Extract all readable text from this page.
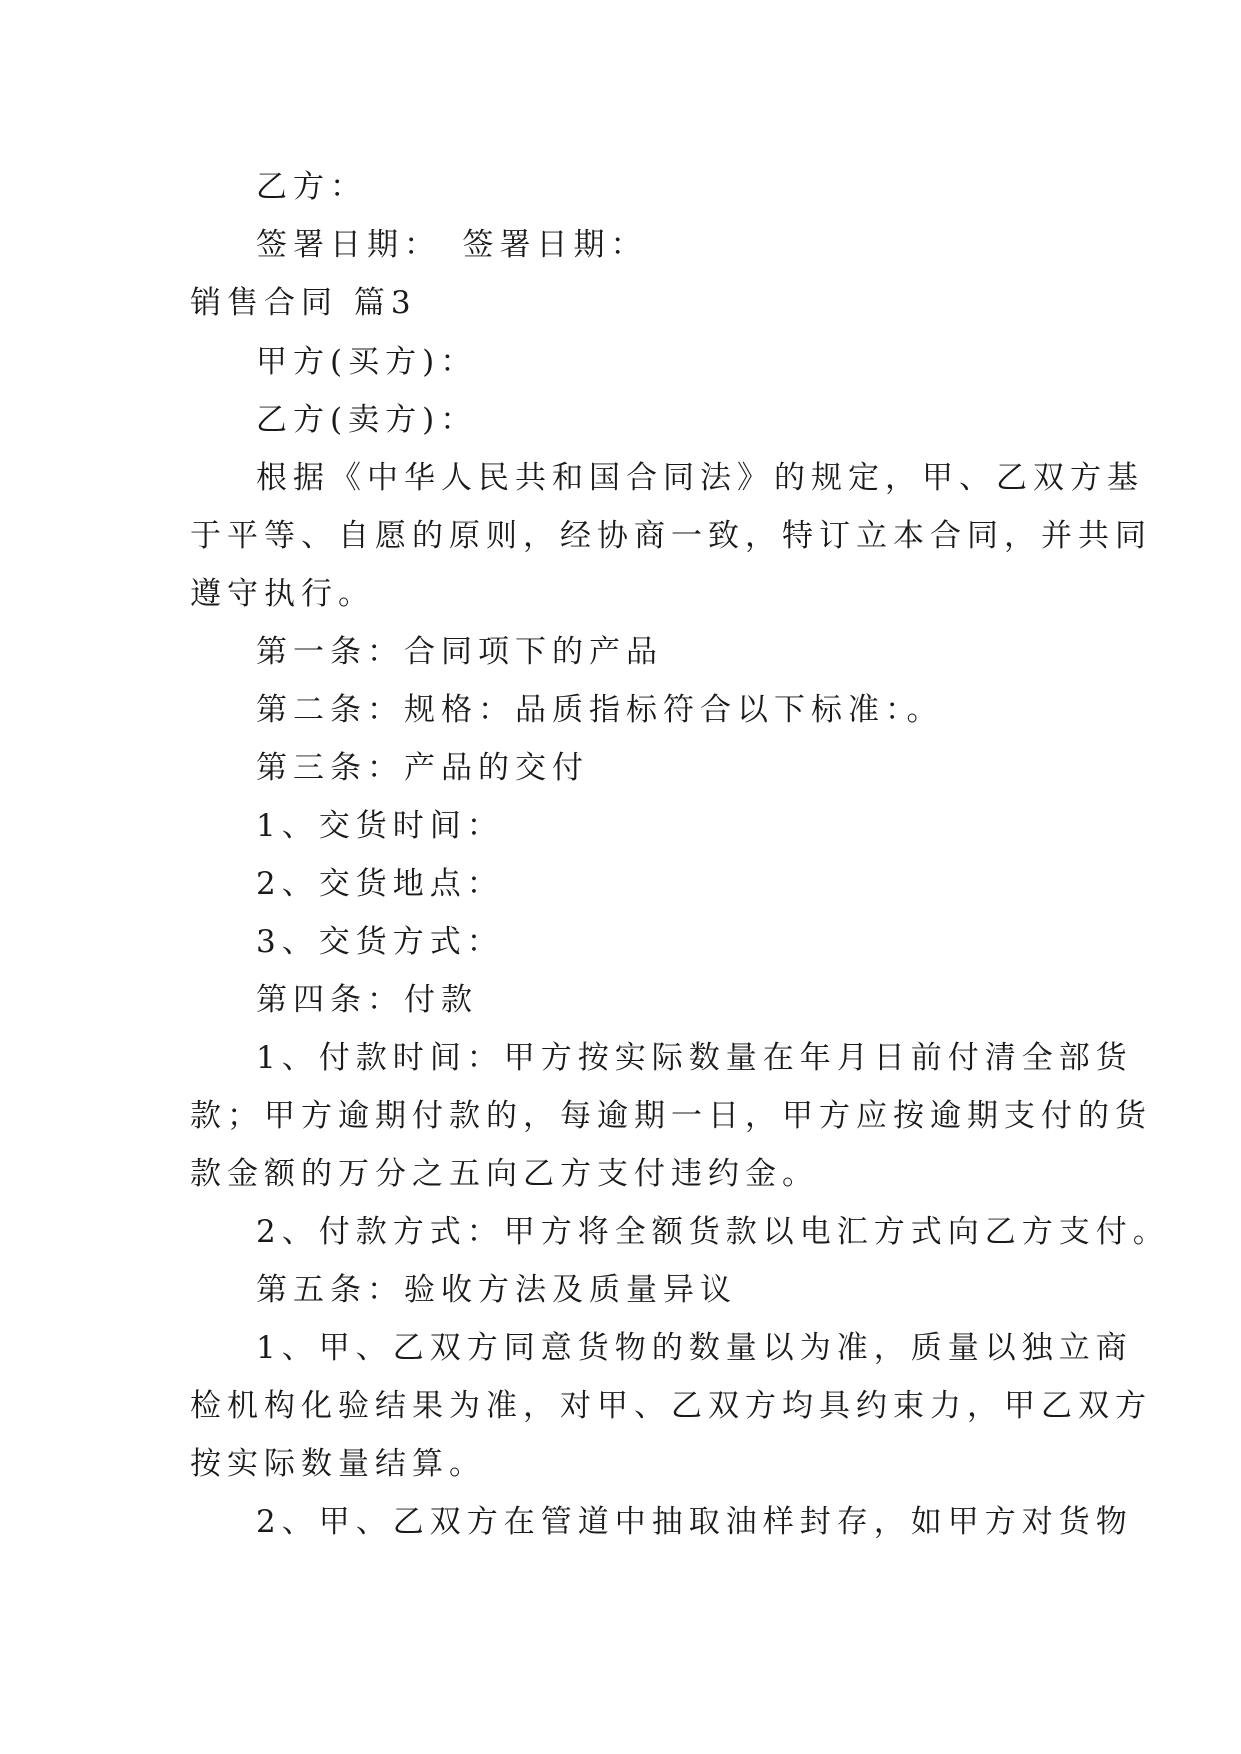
乙方：
签署日期：　签署日期：
销售合同 篇3
甲方(买方)：
乙方(卖方)：
根据《中华人民共和国合同法》的规定，甲、乙双方基
于平等、自愿的原则，经协商一致，特订立本合同，并共同
遵守执行。
第一条：合同项下的产品
第二条：规格：品质指标符合以下标准：。
第三条：产品的交付
1、交货时间：
2、交货地点：
3、交货方式：
第四条：付款
1、付款时间：甲方按实际数量在年月日前付清全部货
款；甲方逾期付款的，每逾期一日，甲方应按逾期支付的货
款金额的万分之五向乙方支付违约金。
2、付款方式：甲方将全额货款以电汇方式向乙方支付。
第五条：验收方法及质量异议
1、甲、乙双方同意货物的数量以为准，质量以独立商
检机构化验结果为准，对甲、乙双方均具约束力，甲乙双方
按实际数量结算。
2、甲、乙双方在管道中抽取油样封存，如甲方对货物
